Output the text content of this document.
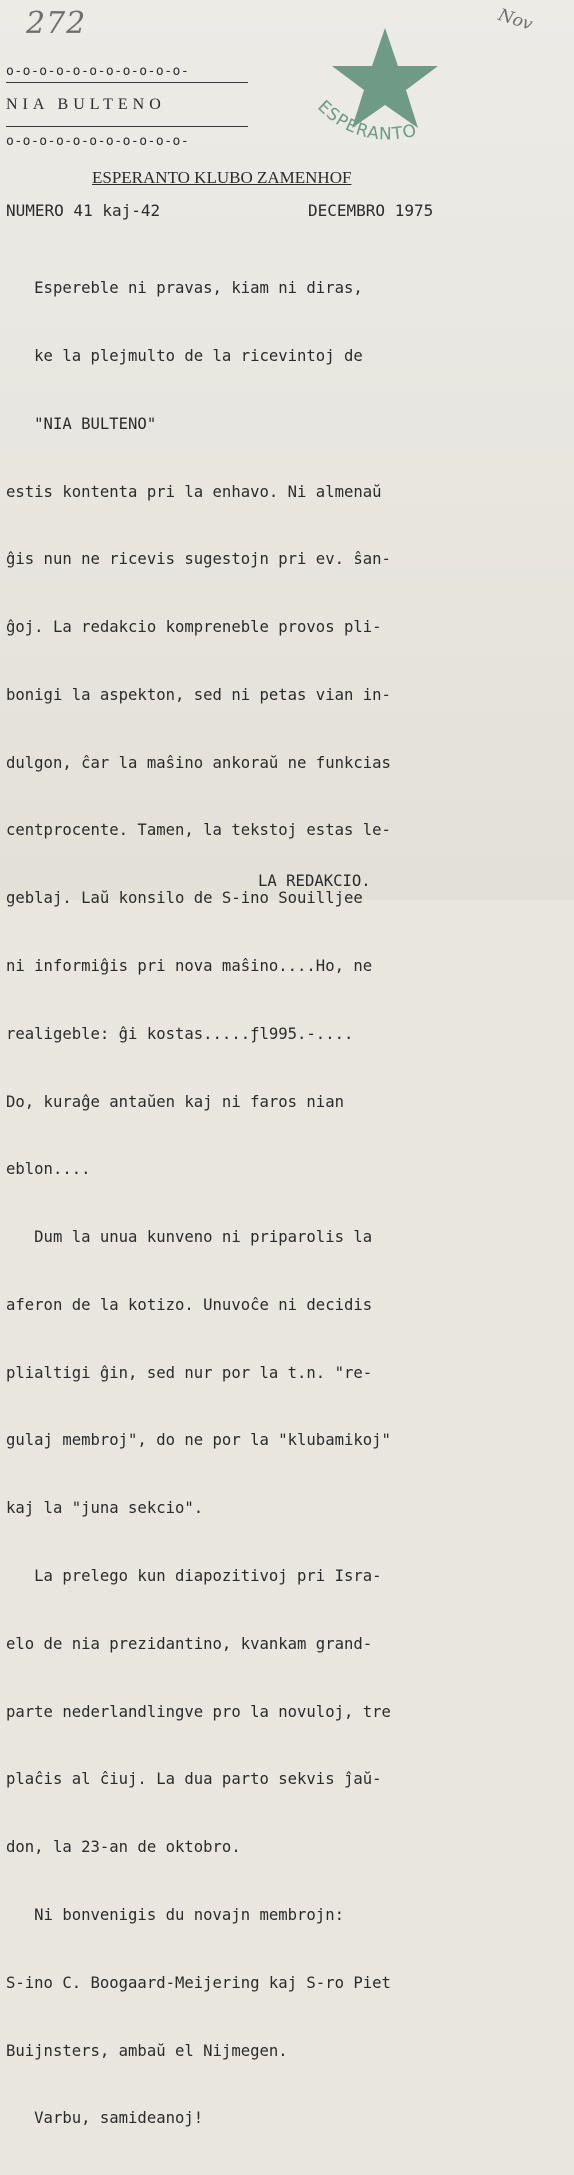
272	Nov
o-o-o-o-o-o-o-o-o-o-o-
NIA BULTENO
o-o-o-o-o-o-o-o-o-o-o-
ESPERANTO
ESPERANTO KLUBO ZAMENHOF
NUMERO 41 kaj-42	DECEMBRO 1975

Espereble ni pravas, kiam ni diras,

ke la plejmulto de la ricevintoj de

"NIA BULTENO"

estis kontenta pri la enhavo. Ni almenaŭ

ĝis nun ne ricevis sugestojn pri ev. ŝan-

ĝoj. La redakcio kompreneble provos pli-

bonigi la aspekton, sed ni petas vian in-

dulgon, ĉar la maŝino ankoraŭ ne funkcias

centprocente. Tamen, la tekstoj estas le-

geblaj. Laŭ konsilo de S-ino Souilljee

ni informiĝis pri nova maŝino....Ho, ne

realigeble: ĝi kostas.....ƒl995.-....

Do, kuraĝe antaŭen kaj ni faros nian

eblon....

Dum la unua kunveno ni priparolis la

aferon de la kotizo. Unuvoĉe ni decidis

plialtigi ĝin, sed nur por la t.n. "re-

gulaj membroj", do ne por la "klubamikoj"

kaj la "juna sekcio".

La prelego kun diapozitivoj pri Isra-

elo de nia prezidantino, kvankam grand-

parte nederlandlingve pro la novuloj, tre

plaĉis al ĉiuj. La dua parto sekvis ĵaŭ-

don, la 23-an de oktobro.

Ni bonvenigis du novajn membrojn:

S-ino C. Boogaard-Meijering kaj S-ro Piet

Buijnsters, ambaŭ el Nijmegen.

Varbu, samideanoj!

LA REDAKCIO.
